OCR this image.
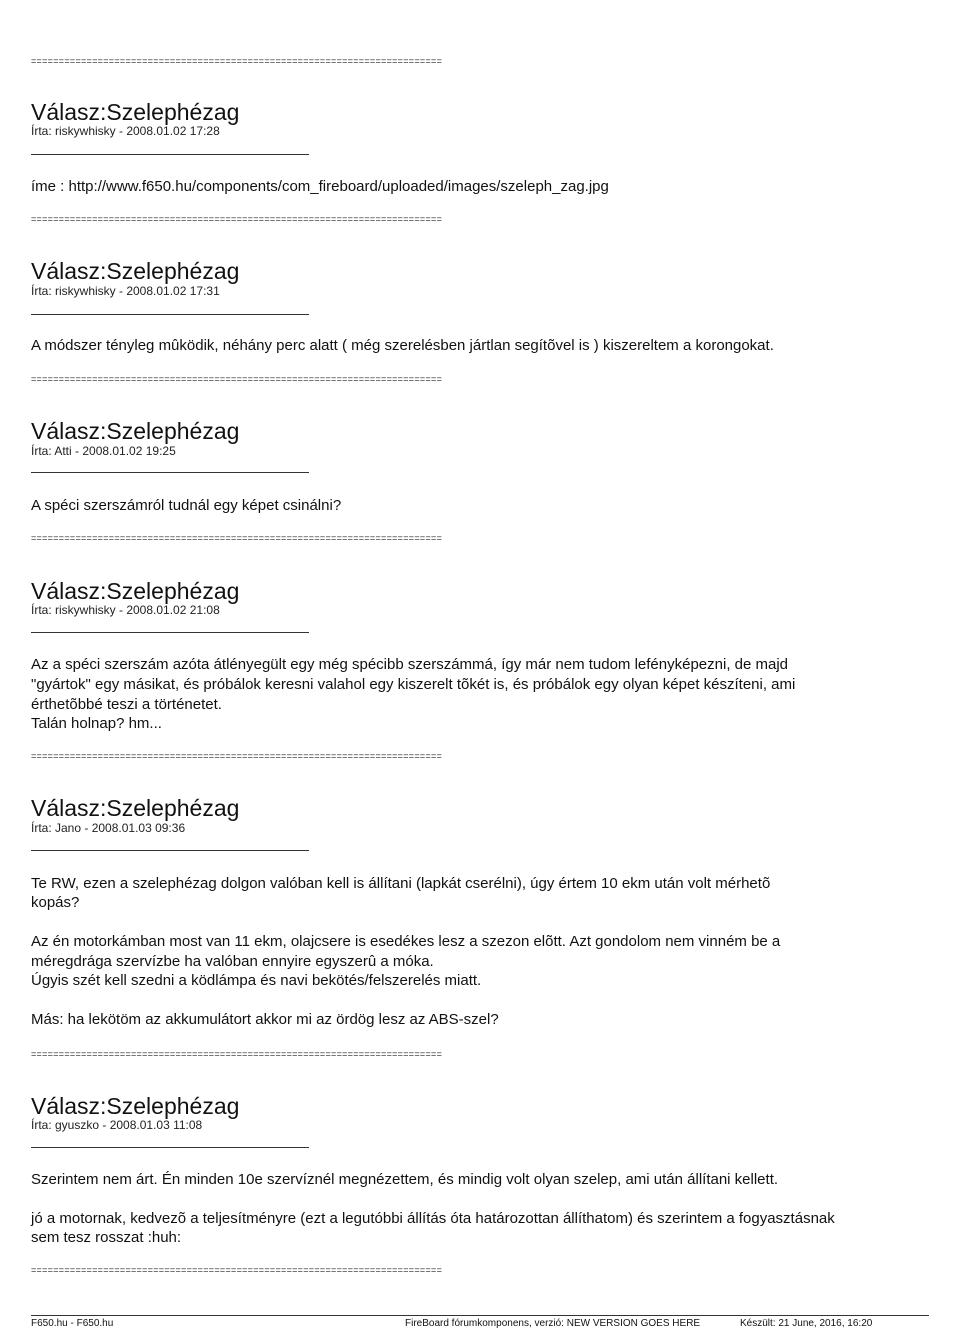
==========================================================================
==========================================================================
==========================================================================
==========================================================================
==========================================================================
==========================================================================
==========================================================================
Válasz:Szelephézag
Írta: riskywhisky - 2008.01.02 17:28
íme : http://www.f650.hu/components/com_fireboard/uploaded/images/szeleph_zag.jpg
Válasz:Szelephézag
Írta: riskywhisky - 2008.01.02 17:31
A módszer tényleg mûködik, néhány perc alatt ( még szerelésben jártlan segítõvel is ) kiszereltem a korongokat.
Válasz:Szelephézag
Írta: Atti - 2008.01.02 19:25
A spéci szerszámról tudnál egy képet csinálni?
Válasz:Szelephézag
Írta: riskywhisky - 2008.01.02 21:08
Az a spéci szerszám azóta átlényegült egy még spécibb szerszámmá, így már nem tudom lefényképezni, de majd
"gyártok" egy másikat, és próbálok keresni valahol egy kiszerelt tõkét is, és próbálok egy olyan képet készíteni, ami
érthetõbbé teszi a történetet.
Talán holnap? hm...
Válasz:Szelephézag
Írta: Jano - 2008.01.03 09:36
Te RW, ezen a szelephézag dolgon valóban kell is állítani (lapkát cserélni), úgy értem 10 ekm után volt mérhetõ
kopás?
Az én motorkámban most van 11 ekm, olajcsere is esedékes lesz a szezon elõtt. Azt gondolom nem vinném be a
méregdrága szervízbe ha valóban ennyire egyszerû a móka.
Úgyis szét kell szedni a ködlámpa és navi bekötés/felszerelés miatt.
Más: ha lekötöm az akkumulátort akkor mi az ördög lesz az ABS-szel?
Válasz:Szelephézag
Írta: gyuszko - 2008.01.03 11:08
Szerintem nem árt. Én minden 10e szervíznél megnézettem, és mindig volt olyan szelep, ami után állítani kellett.
jó a motornak, kedvezõ a teljesítményre (ezt a legutóbbi állítás óta határozottan állíthatom) és szerintem a fogyasztásnak
sem tesz rosszat :huh:
F650.hu - F650.hu	FireBoard fórumkomponens, verzió: NEW VERSION GOES HERE	Készült: 21 June, 2016, 16:20
